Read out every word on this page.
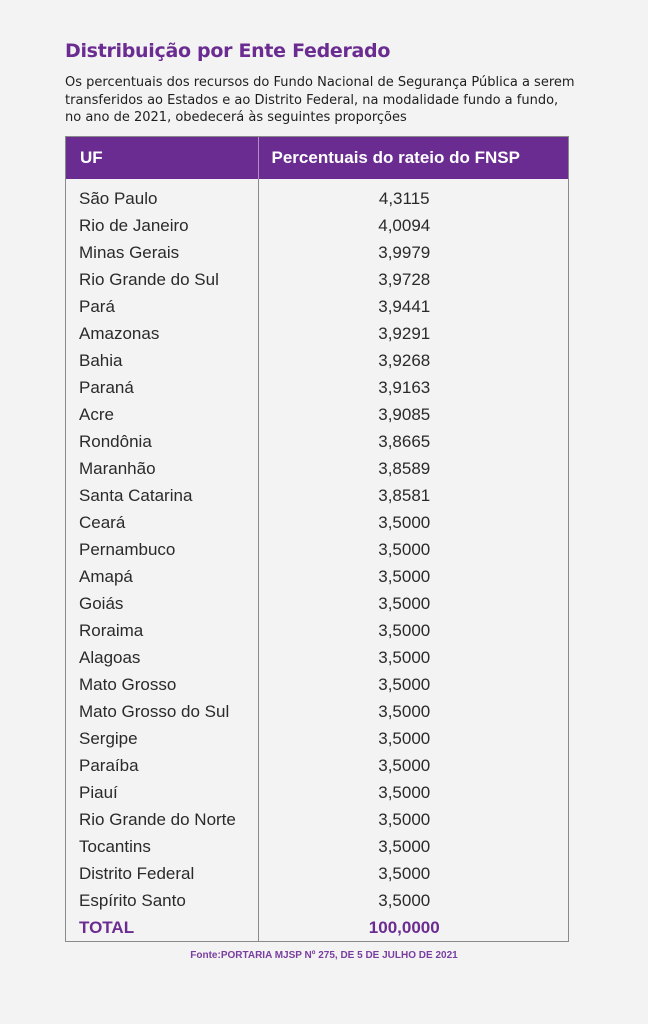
Distribuição por Ente Federado

Os percentuais dos recursos do Fundo Nacional de Segurança Pública a serem transferidos ao Estados e ao Distrito Federal, na modalidade fundo a fundo, no ano de 2021, obedecerá às seguintes proporções

UF	Percentuais do rateio do FNSP
São Paulo	4,3115
Rio de Janeiro	4,0094
Minas Gerais	3,9979
Rio Grande do Sul	3,9728
Pará	3,9441
Amazonas	3,9291
Bahia	3,9268
Paraná	3,9163
Acre	3,9085
Rondônia	3,8665
Maranhão	3,8589
Santa Catarina	3,8581
Ceará	3,5000
Pernambuco	3,5000
Amapá	3,5000
Goiás	3,5000
Roraima	3,5000
Alagoas	3,5000
Mato Grosso	3,5000
Mato Grosso do Sul	3,5000
Sergipe	3,5000
Paraíba	3,5000
Piauí	3,5000
Rio Grande do Norte	3,5000
Tocantins	3,5000
Distrito Federal	3,5000
Espírito Santo	3,5000
TOTAL	100,0000

Fonte:PORTARIA MJSP Nº 275, DE 5 DE JULHO DE 2021
